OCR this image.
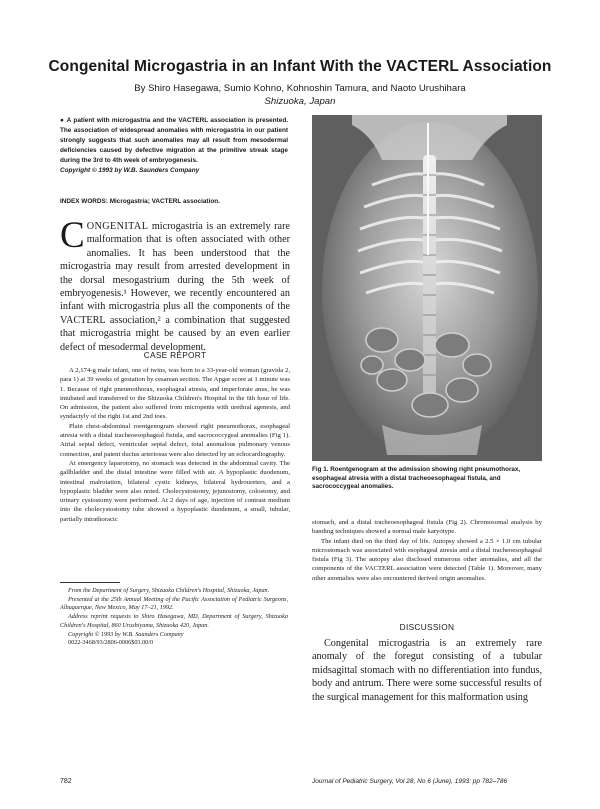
Congenital Microgastria in an Infant With the VACTERL Association
By Shiro Hasegawa, Sumio Kohno, Kohnoshin Tamura, and Naoto Urushihara
Shizuoka, Japan
● A patient with microgastria and the VACTERL association is presented. The association of widespread anomalies with microgastria in our patient strongly suggests that such anomalies may all result from mesodermal deficiencies caused by defective migration at the primitive streak stage during the 3rd to 4th week of embryogenesis.
Copyright © 1993 by W.B. Saunders Company
INDEX WORDS: Microgastria; VACTERL association.
CONGENITAL microgastria is an extremely rare malformation that is often associated with other anomalies. It has been understood that the microgastria may result from arrested development in the dorsal mesogastrium during the 5th week of embryogenesis.¹ However, we recently encountered an infant with microgastria plus all the components of the VACTERL association,² a combination that suggested that microgastria might be caused by an even earlier defect of mesodermal development.
CASE REPORT

A 2,174-g male infant, one of twins, was born to a 33-year-old woman (gravida 2, para 1) at 39 weeks of gestation by cesarean section. The Apgar score at 1 minute was 1. Because of right pneumothorax, esophageal atresia, and imperforate anus, he was intubated and transferred to the Shizuoka Children's Hospital in the 6th hour of life. On admission, the patient also suffered from micropenis with urethral agenesis, and syndactyly of the right 1st and 2nd toes.

Plain chest-abdominal roentgenogram showed right pneumothorax, esophageal atresia with a distal tracheoesophageal fistula, and sacrococcygeal anomalies (Fig 1). Atrial septal defect, ventricular septal defect, total anomalous pulmonary venous connection, and patent ductus arteriosus were also detected by an echocardiography.

At emergency laparotomy, no stomach was detected in the abdominal cavity. The gallbladder and the distal intestine were filled with air. A hypoplastic duodenum, intestinal malrotation, bilateral cystic kidneys, bilateral hydroureters, and a hypoplastic bladder were also noted. Cholecystostomy, jejunostomy, colostomy, and urinary cystostomy were performed. At 2 days of age, injection of contrast medium into the cholecystostomy tube showed a hypoplastic duodenum, a small, tubular, partially intrathoracic

From the Department of Surgery, Shizuoka Children's Hospital, Shizuoka, Japan.

Presented at the 25th Annual Meeting of the Pacific Association of Pediatric Surgeons, Albuquerque, New Mexico, May 17–21, 1992.

Address reprint requests to Shiro Hasegawa, MD, Department of Surgery, Shizuoka Children's Hospital, 860 Urushiyama, Shizuoka 420, Japan.

Copyright © 1993 by W.B. Saunders Company

0022-3468/93/2806-0006$03.00/0

Fig 1. Roentgenogram at the admission showing right pneumothorax, esophageal atresia with a distal tracheoesophageal fistula, and sacrococcygeal anomalies.

stomach, and a distal tracheoesophageal fistula (Fig 2). Chromosomal analysis by banding techniques showed a normal male karyotype.

The infant died on the third day of life. Autopsy showed a 2.5 × 1.0 cm tubular microstomach was associated with esophageal atresia and a distal tracheoesophageal fistula (Fig 3). The autopsy also disclosed numerous other anomalies, and all the components of the VACTERL association were detected (Table 1). Moreover, many other anomalies were also encountered derived origin anomalies.

DISCUSSION

Congenital microgastria is an extremely rare anomaly of the foregut consisting of a tubular midsagittal stomach with no differentiation into fundus, body and antrum. There were some successful results of the surgical management for this malformation using

782	Journal of Pediatric Surgery, Vol 28, No 6 (June), 1993: pp 782–786
